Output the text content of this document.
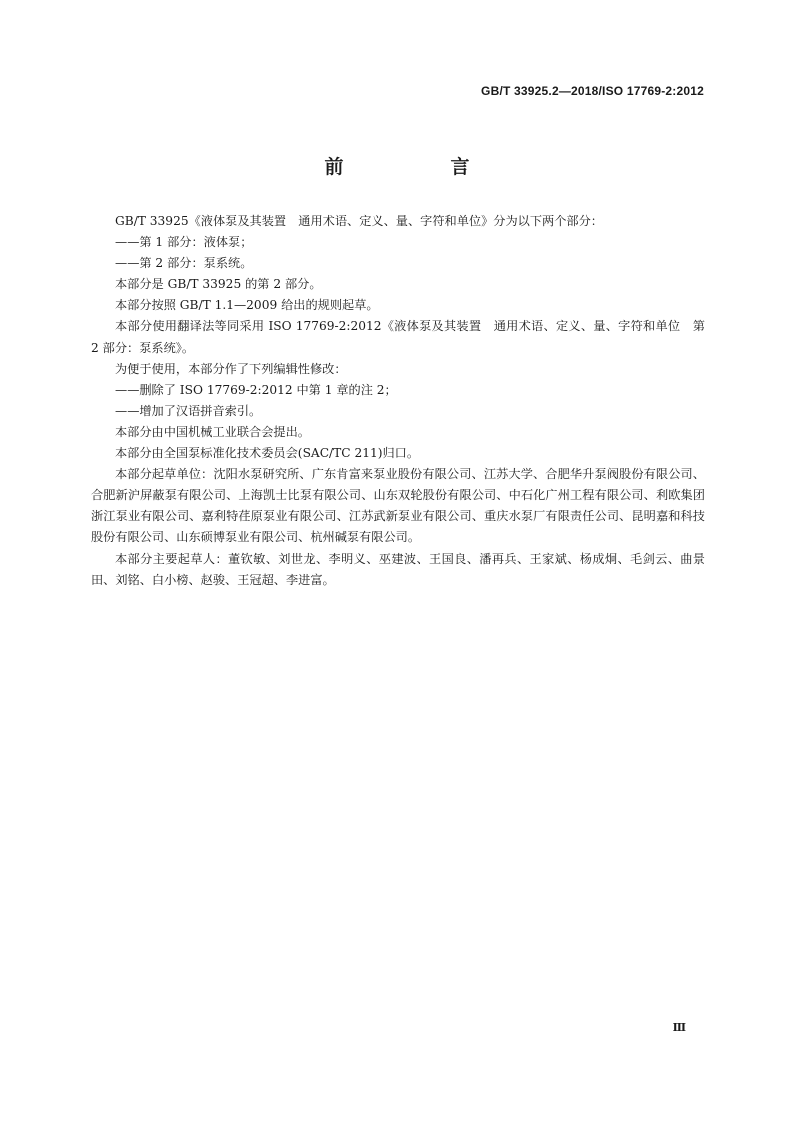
GB/T 33925.2—2018/ISO 17769-2:2012
前　言

GB/T 33925《液体泵及其装置　通用术语、定义、量、字符和单位》分为以下两个部分：

——第 1 部分：液体泵；

——第 2 部分：泵系统。

本部分是 GB/T 33925 的第 2 部分。

本部分按照 GB/T 1.1—2009 给出的规则起草。

本部分使用翻译法等同采用 ISO 17769-2:2012《液体泵及其装置　通用术语、定义、量、字符和单位　第 2 部分：泵系统》。

为便于使用，本部分作了下列编辑性修改：

——删除了 ISO 17769-2:2012 中第 1 章的注 2；

——增加了汉语拼音索引。

本部分由中国机械工业联合会提出。

本部分由全国泵标准化技术委员会(SAC/TC 211)归口。

本部分起草单位：沈阳水泵研究所、广东肯富来泵业股份有限公司、江苏大学、合肥华升泵阀股份有限公司、合肥新沪屏蔽泵有限公司、上海凯士比泵有限公司、山东双轮股份有限公司、中石化广州工程有限公司、利欧集团浙江泵业有限公司、嘉利特荏原泵业有限公司、江苏武新泵业有限公司、重庆水泵厂有限责任公司、昆明嘉和科技股份有限公司、山东硕博泵业有限公司、杭州碱泵有限公司。

本部分主要起草人：董钦敏、刘世龙、李明义、巫建波、王国良、潘再兵、王家斌、杨成炯、毛剑云、曲景田、刘铭、白小榜、赵骏、王冠超、李进富。

Ⅲ
